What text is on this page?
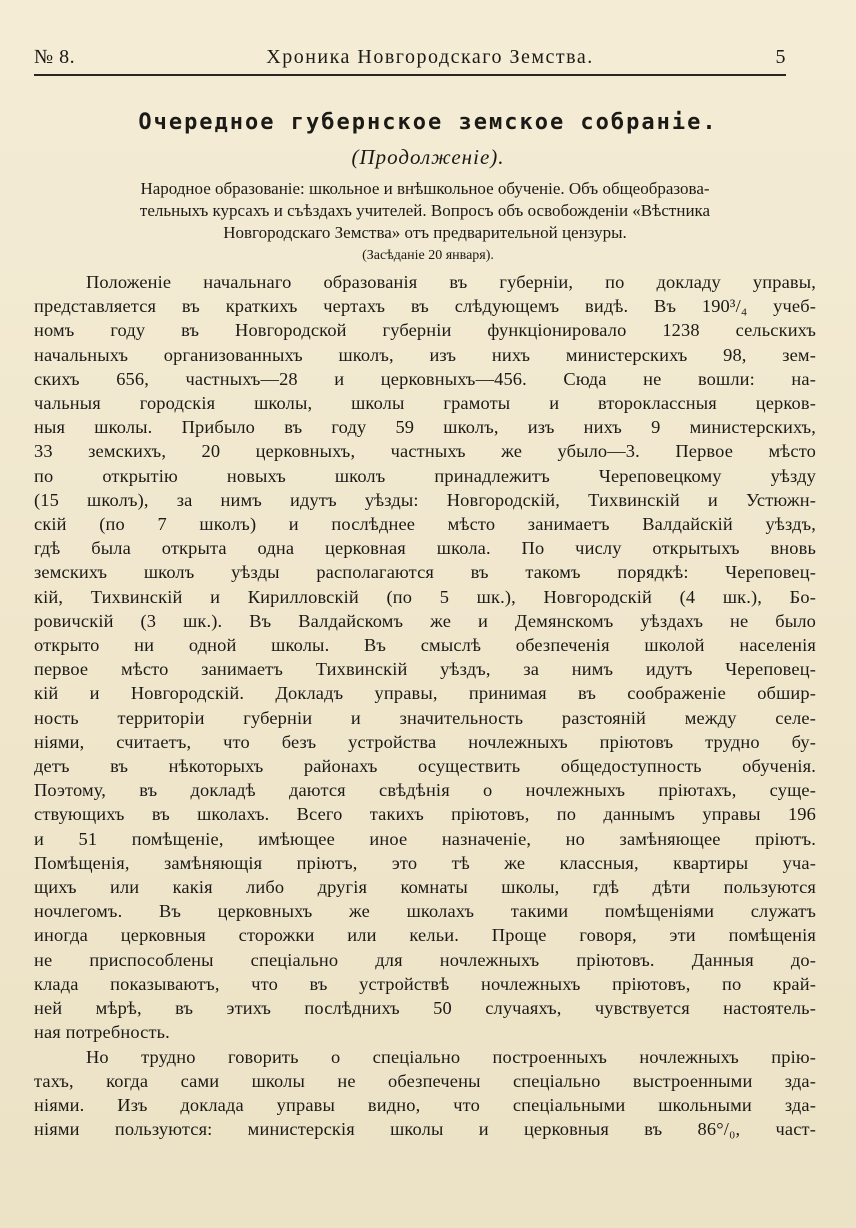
№ 8.	Хроника Новгородскаго Земства.	5
Очередное губернское земское собранiе.
(Продолженiе).
Народное образованiе: школьное и внѣшкольное обученiе. Объ общеобразова-
тельныхъ курсахъ и съѣздахъ учителей. Вопросъ объ освобожденiи «Вѣстника
Новгородскаго Земства» отъ предварительной цензуры.
(Засѣданiе 20 января).
Положенiе начальнаго образованiя въ губернiи, по докладу управы,
представляется въ краткихъ чертахъ въ слѣдующемъ видѣ. Въ 190³/₄ учеб-
номъ году въ Новгородской губернiи функцiонировало 1238 сельскихъ
начальныхъ организованныхъ школъ, изъ нихъ министерскихъ 98, зем-
скихъ 656, частныхъ—28 и церковныхъ—456. Сюда не вошли: на-
чальныя городскiя школы, школы грамоты и второклассныя церков-
ныя школы. Прибыло въ году 59 школъ, изъ нихъ 9 министерскихъ,
33 земскихъ, 20 церковныхъ, частныхъ же убыло—3. Первое мѣсто
по открытiю новыхъ школъ принадлежитъ Череповецкому уѣзду
(15 школъ), за нимъ идутъ уѣзды: Новгородскiй, Тихвинскiй и Устюжн-
скiй (по 7 школъ) и послѣднее мѣсто занимаетъ Валдайскiй уѣздъ,
гдѣ была открыта одна церковная школа. По числу открытыхъ вновь
земскихъ школъ уѣзды располагаются въ такомъ порядкѣ: Череповец-
кiй, Тихвинскiй и Кирилловскiй (по 5 шк.), Новгородскiй (4 шк.), Бо-
ровичскiй (3 шк.). Въ Валдайскомъ же и Демянскомъ уѣздахъ не было
открыто ни одной школы. Въ смыслѣ обезпеченiя школой населенiя
первое мѣсто занимаетъ Тихвинскiй уѣздъ, за нимъ идутъ Череповец-
кiй и Новгородскiй. Докладъ управы, принимая въ соображенiе обшир-
ность территорiи губернiи и значительность разстоянiй между селе-
нiями, считаетъ, что безъ устройства ночлежныхъ прiютовъ трудно бу-
детъ въ нѣкоторыхъ районахъ осуществить общедоступность обученiя.
Поэтому, въ докладѣ даются свѣдѣнiя о ночлежныхъ прiютахъ, суще-
ствующихъ въ школахъ. Всего такихъ прiютовъ, по даннымъ управы 196
и 51 помѣщенiе, имѣющее иное назначенiе, но замѣняющее прiютъ.
Помѣщенiя, замѣняющiя прiютъ, это тѣ же классныя, квартиры уча-
щихъ или какiя либо другiя комнаты школы, гдѣ дѣти пользуются
ночлегомъ. Въ церковныхъ же школахъ такими помѣщенiями служатъ
иногда церковныя сторожки или кельи. Проще говоря, эти помѣщенiя
не приспособлены спецiально для ночлежныхъ прiютовъ. Данныя до-
клада показываютъ, что въ устройствѣ ночлежныхъ прiютовъ, по край-
ней мѣрѣ, въ этихъ послѣднихъ 50 случаяхъ, чувствуется настоятель-
ная потребность.
Но трудно говорить о спецiально построенныхъ ночлежныхъ прiю-
тахъ, когда сами школы не обезпечены спецiально выстроенными зда-
нiями. Изъ доклада управы видно, что спецiальными школьными зда-
нiями пользуются: министерскiя школы и церковныя въ 86°/₀, част-
